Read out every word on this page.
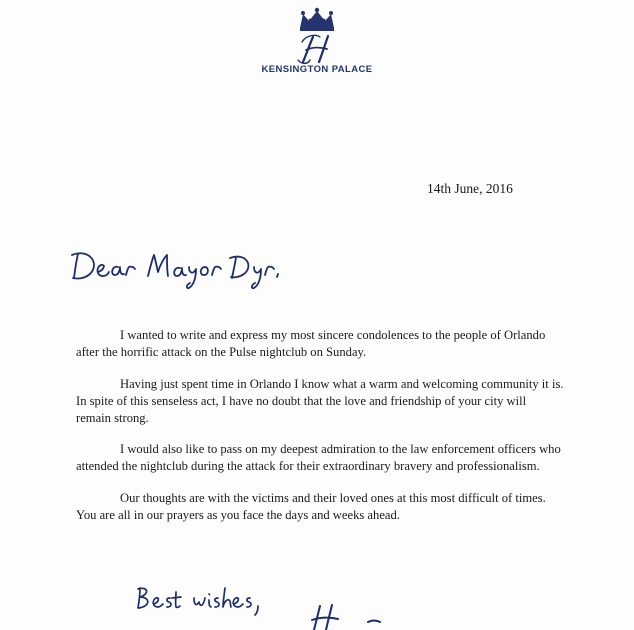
KENSINGTON PALACE
14th June, 2016

I wanted to write and express my most sincere condolences to the people of Orlando after the horrific attack on the Pulse nightclub on Sunday.

Having just spent time in Orlando I know what a warm and welcoming community it is. In spite of this senseless act, I have no doubt that the love and friendship of your city will remain strong.

I would also like to pass on my deepest admiration to the law enforcement officers who attended the nightclub during the attack for their extraordinary bravery and professionalism.

Our thoughts are with the victims and their loved ones at this most difficult of times. You are all in our prayers as you face the days and weeks ahead.
